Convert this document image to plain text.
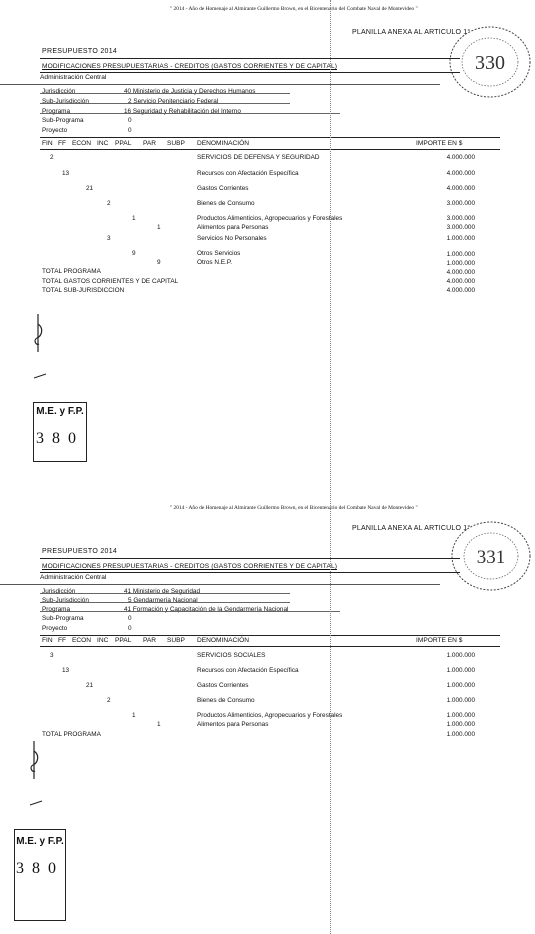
" 2014 - Año de Homenaje al Almirante Guillermo Brown, en el Bicentenario del Combate Naval de Montevideo "
PLANILLA ANEXA AL ARTICULO 1°
330
PRESUPUESTO 2014
MODIFICACIONES PRESUPUESTARIAS - CREDITOS (GASTOS CORRIENTES Y DE CAPITAL)
Administración Central
Jurisdicción	40 Ministerio de Justicia y Derechos Humanos
Sub-Jurisdicción	2 Servicio Penitenciario Federal
Programa	16 Seguridad y Rehabilitación del Interno
Sub-Programa	0
Proyecto	0
FIN FF ECON INC PPAL PAR SUBP DENOMINACIÓN	IMPORTE EN $
2	SERVICIOS DE DEFENSA Y SEGURIDAD	4.000.000
13	Recursos con Afectación Específica	4.000.000
21	Gastos Corrientes	4.000.000
2	Bienes de Consumo	3.000.000
1	Productos Alimenticios, Agropecuarios y Forestales	3.000.000
1	Alimentos para Personas	3.000.000
3	Servicios No Personales	1.000.000
9	Otros Servicios	1.000.000
9	Otros N.E.P.	1.000.000
TOTAL PROGRAMA	4.000.000
TOTAL GASTOS CORRIENTES Y DE CAPITAL	4.000.000
TOTAL SUB-JURISDICCION	4.000.000
M.E. y F.P.
380
" 2014 - Año de Homenaje al Almirante Guillermo Brown, en el Bicentenario del Combate Naval de Montevideo "
PLANILLA ANEXA AL ARTICULO 1°
331
PRESUPUESTO 2014
MODIFICACIONES PRESUPUESTARIAS - CREDITOS (GASTOS CORRIENTES Y DE CAPITAL)
Administración Central
Jurisdicción	41 Ministerio de Seguridad
Sub-Jurisdicción	5 Gendarmería Nacional
Programa	41 Formación y Capacitación de la Gendarmería Nacional
Sub-Programa	0
Proyecto	0
FIN FF ECON INC PPAL PAR SUBP DENOMINACIÓN	IMPORTE EN $
3	SERVICIOS SOCIALES	1.000.000
13	Recursos con Afectación Específica	1.000.000
21	Gastos Corrientes	1.000.000
2	Bienes de Consumo	1.000.000
1	Productos Alimenticios, Agropecuarios y Forestales	1.000.000
1	Alimentos para Personas	1.000.000
TOTAL PROGRAMA	1.000.000
M.E. y F.P.
380
